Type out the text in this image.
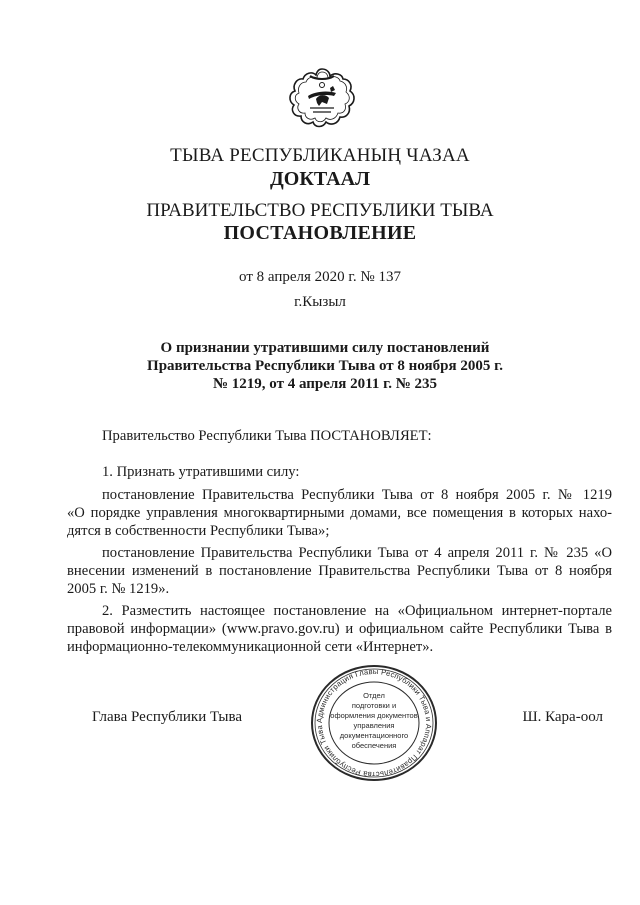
ТЫВА РЕСПУБЛИКАНЫҢ ЧАЗАА
ДОКТААЛ
ПРАВИТЕЛЬСТВО РЕСПУБЛИКИ ТЫВА
ПОСТАНОВЛЕНИЕ
от 8 апреля 2020 г. № 137
г.Кызыл
О признании утратившими силу постановлений
Правительства Республики Тыва от 8 ноября 2005 г.
№ 1219, от 4 апреля 2011 г. № 235
Правительство Республики Тыва ПОСТАНОВЛЯЕТ:
1. Признать утратившими силу:
постановление Правительства Республики Тыва от 8 ноября 2005 г. № 1219
«О порядке управления многоквартирными домами, все помещения в которых нахо-
дятся в собственности Республики Тыва»;
постановление Правительства Республики Тыва от 4 апреля 2011 г. № 235 «О
внесении изменений в постановление Правительства Республики Тыва от 8 ноября
2005 г. № 1219».
2. Разместить настоящее постановление на «Официальном интернет-портале
правовой информации» (www.pravo.gov.ru) и официальном сайте Республики Тыва в
информационно-телекоммуникационной сети «Интернет».
Администрация Главы Республики Тыва и Аппарат Правительства Республики Тыва
Отдел
подготовки и
оформления документов
управления
документационного
обеспечения
Глава Республики Тыва	Ш. Кара-оол
